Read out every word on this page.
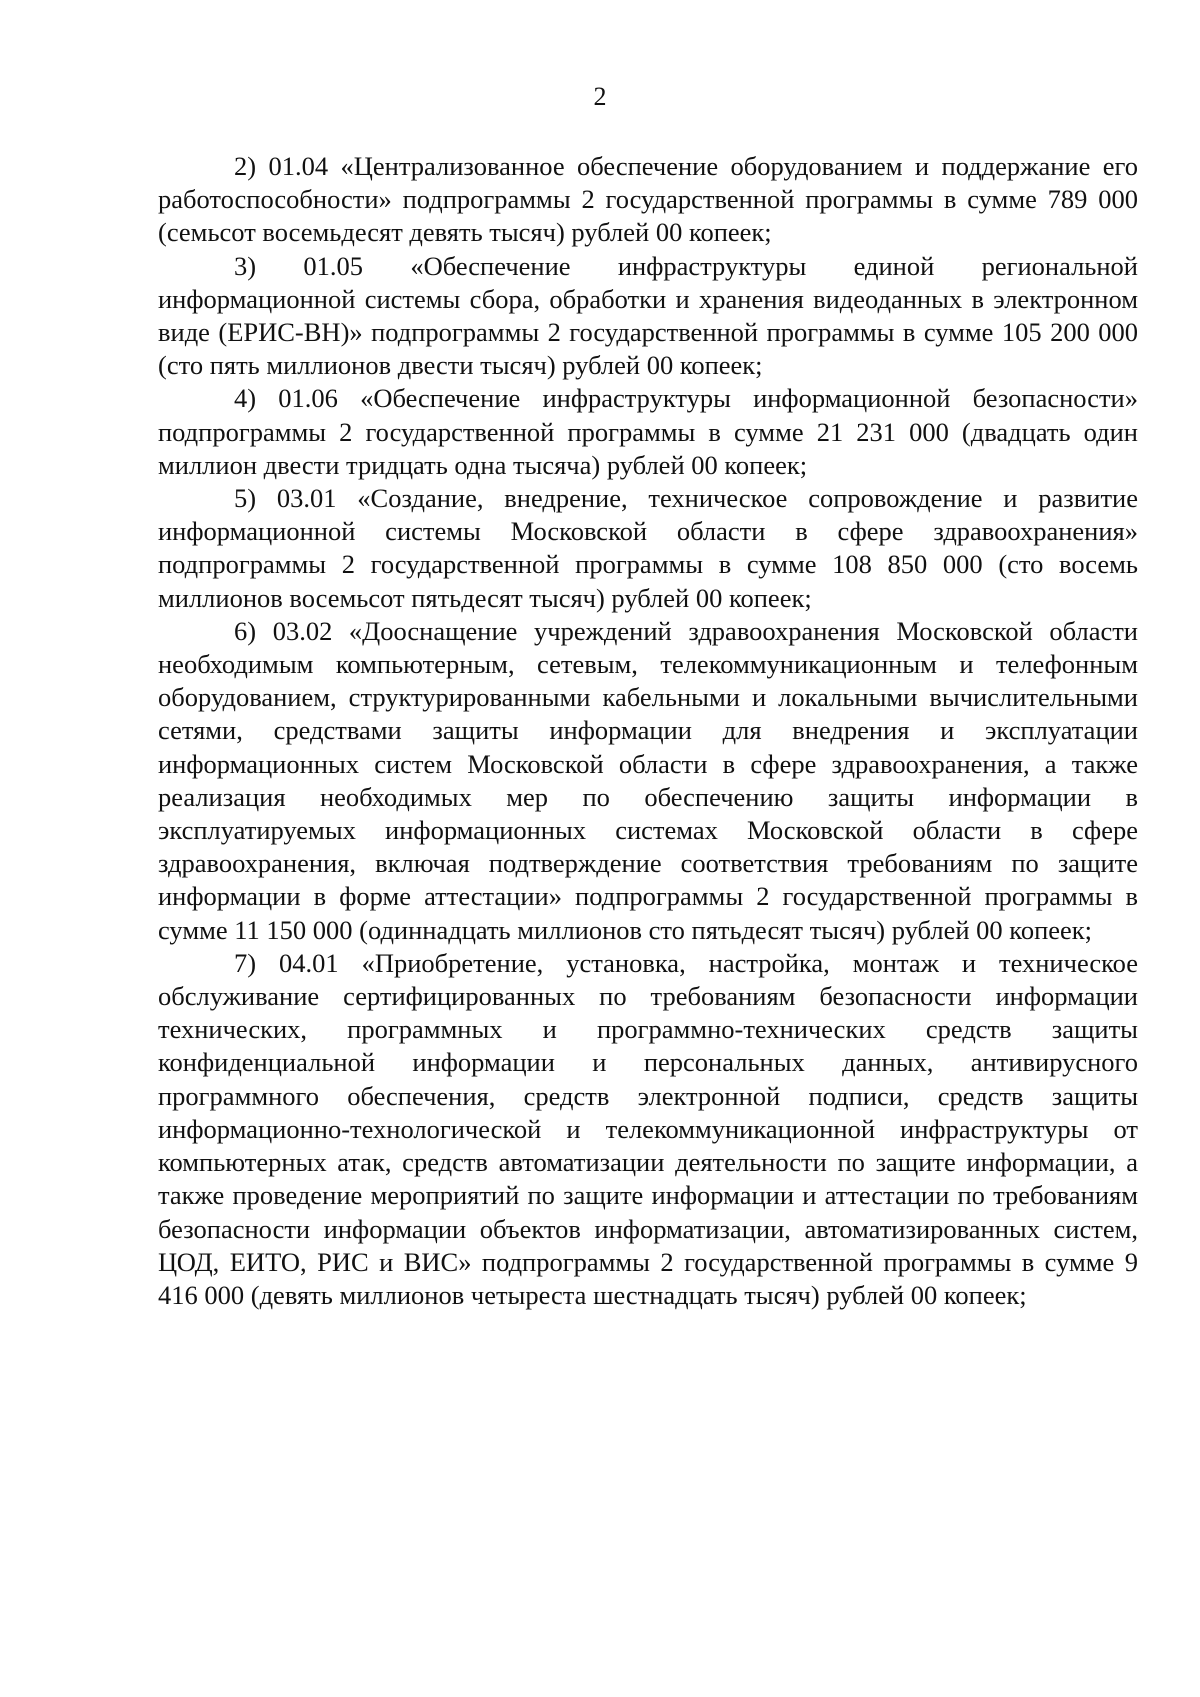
2

2) 01.04 «Централизованное обеспечение оборудованием и поддержание его работоспособности» подпрограммы 2 государственной программы в сумме 789 000 (семьсот восемьдесят девять тысяч) рублей 00 копеек;

3) 01.05 «Обеспечение инфраструктуры единой региональной информационной системы сбора, обработки и хранения видеоданных в электронном виде (ЕРИС-ВН)» подпрограммы 2 государственной программы в сумме 105 200 000 (сто пять миллионов двести тысяч) рублей 00 копеек;

4) 01.06 «Обеспечение инфраструктуры информационной безопасности» подпрограммы 2 государственной программы в сумме 21 231 000 (двадцать один миллион двести тридцать одна тысяча) рублей 00 копеек;

5) 03.01 «Создание, внедрение, техническое сопровождение и развитие информационной системы Московской области в сфере здравоохранения» подпрограммы 2 государственной программы в сумме 108 850 000 (сто восемь миллионов восемьсот пятьдесят тысяч) рублей 00 копеек;

6) 03.02 «Дооснащение учреждений здравоохранения Московской области необходимым компьютерным, сетевым, телекоммуникационным и телефонным оборудованием, структурированными кабельными и локальными вычислительными сетями, средствами защиты информации для внедрения и эксплуатации информационных систем Московской области в сфере здравоохранения, а также реализация необходимых мер по обеспечению защиты информации в эксплуатируемых информационных системах Московской области в сфере здравоохранения, включая подтверждение соответствия требованиям по защите информации в форме аттестации» подпрограммы 2 государственной программы в сумме 11 150 000 (одиннадцать миллионов сто пятьдесят тысяч) рублей 00 копеек;

7) 04.01 «Приобретение, установка, настройка, монтаж и техническое обслуживание сертифицированных по требованиям безопасности информации технических, программных и программно-технических средств защиты конфиденциальной информации и персональных данных, антивирусного программного обеспечения, средств электронной подписи, средств защиты информационно-технологической и телекоммуникационной инфраструктуры от компьютерных атак, средств автоматизации деятельности по защите информации, а также проведение мероприятий по защите информации и аттестации по требованиям безопасности информации объектов информатизации, автоматизированных систем, ЦОД, ЕИТО, РИС и ВИС» подпрограммы 2 государственной программы в сумме 9 416 000 (девять миллионов четыреста шестнадцать тысяч) рублей 00 копеек;
